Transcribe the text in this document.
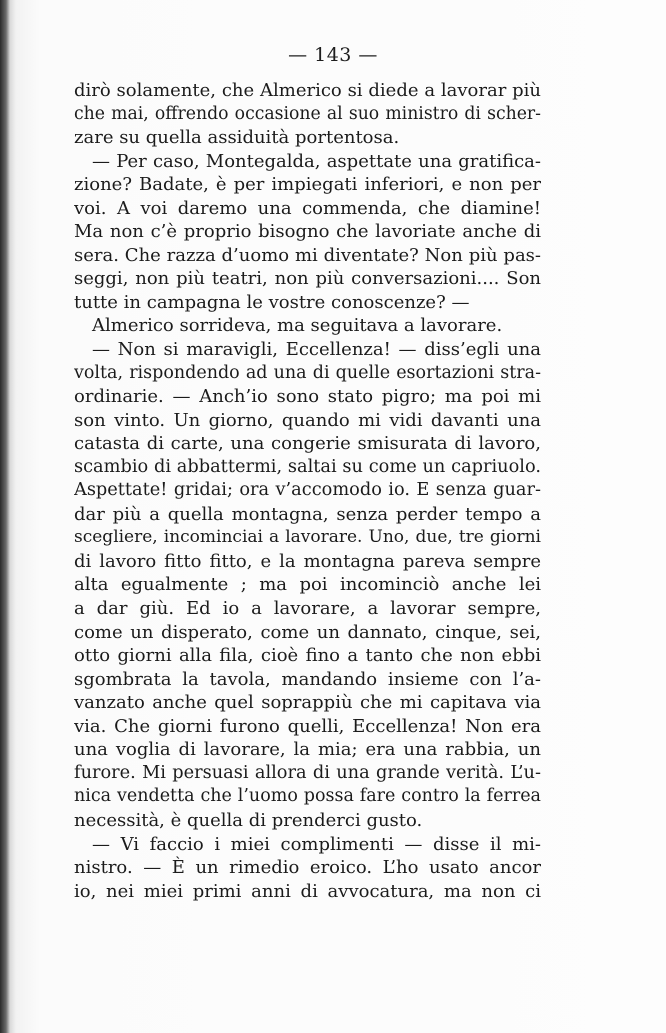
— 143 —
dirò solamente, che Almerico si diede a lavorar più
che mai, offrendo occasione al suo ministro di scher-
zare su quella assiduità portentosa.
— Per caso, Montegalda, aspettate una gratifica-
zione? Badate, è per impiegati inferiori, e non per
voi. A voi daremo una commenda, che diamine!
Ma non c’è proprio bisogno che lavoriate anche di
sera. Che razza d’uomo mi diventate? Non più pas-
seggi, non più teatri, non più conversazioni.... Son
tutte in campagna le vostre conoscenze? —
Almerico sorrideva, ma seguitava a lavorare.
— Non si maravigli, Eccellenza! — diss’egli una
volta, rispondendo ad una di quelle esortazioni stra-
ordinarie. — Anch’io sono stato pigro; ma poi mi
son vinto. Un giorno, quando mi vidi davanti una
catasta di carte, una congerie smisurata di lavoro,
scambio di abbattermi, saltai su come un capriuolo.
Aspettate! gridai; ora v’accomodo io. E senza guar-
dar più a quella montagna, senza perder tempo a
scegliere, incominciai a lavorare. Uno, due, tre giorni
di lavoro fitto fitto, e la montagna pareva sempre
alta egualmente ; ma poi incominciò anche lei
a dar giù. Ed io a lavorare, a lavorar sempre,
come un disperato, come un dannato, cinque, sei,
otto giorni alla fila, cioè fino a tanto che non ebbi
sgombrata la tavola, mandando insieme con l’a-
vanzato anche quel soprappiù che mi capitava via
via. Che giorni furono quelli, Eccellenza! Non era
una voglia di lavorare, la mia; era una rabbia, un
furore. Mi persuasi allora di una grande verità. L’u-
nica vendetta che l’uomo possa fare contro la ferrea
necessità, è quella di prenderci gusto.
— Vi faccio i miei complimenti — disse il mi-
nistro. — È un rimedio eroico. L’ho usato ancor
io, nei miei primi anni di avvocatura, ma non ci
